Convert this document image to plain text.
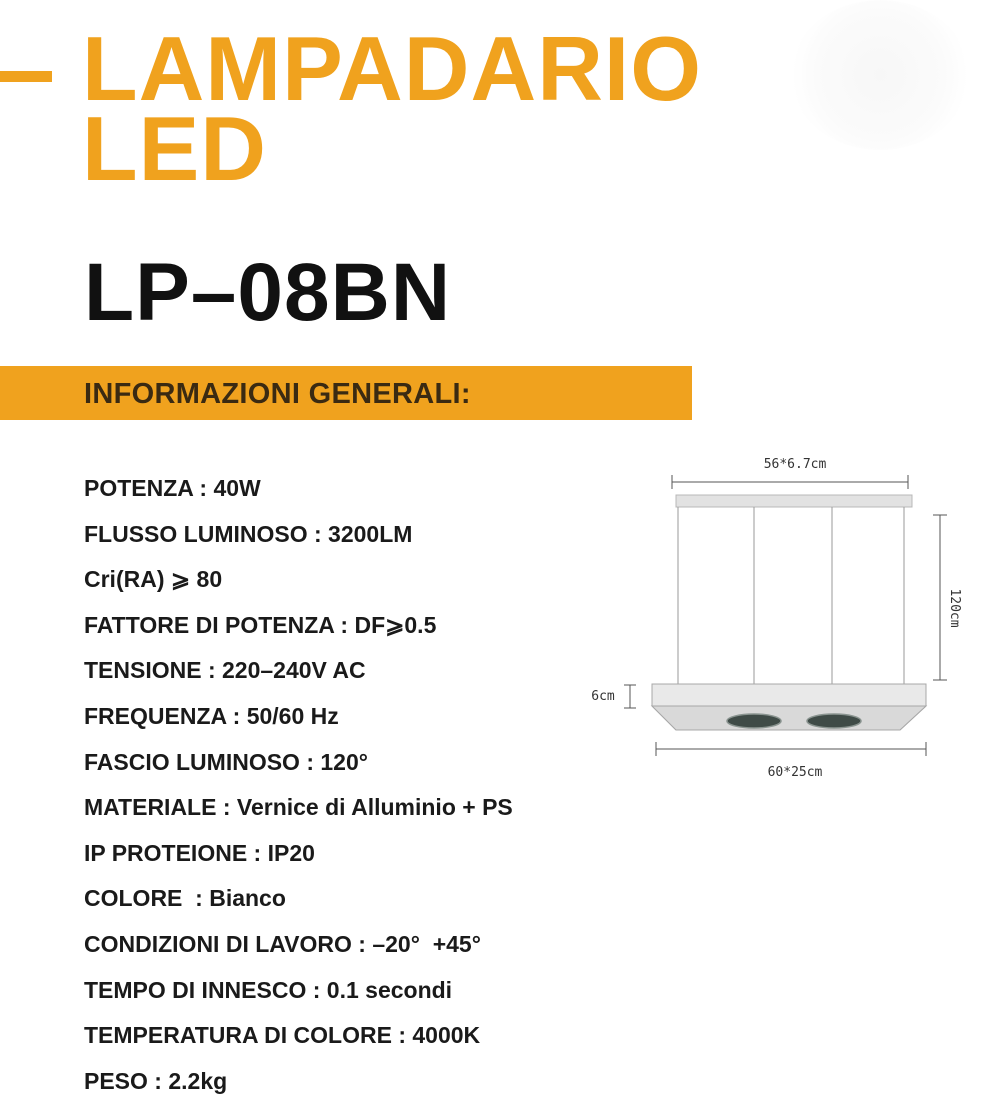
LAMPADARIO
LED
LP–08BN
INFORMAZIONI GENERALI:
POTENZA : 40W
FLUSSO LUMINOSO : 3200LM
Cri(RA) ⩾ 80
FATTORE DI POTENZA : DF⩾0.5
TENSIONE : 220–240V AC
FREQUENZA : 50/60 Hz
FASCIO LUMINOSO : 120°
MATERIALE : Vernice di Alluminio + PS
IP PROTEIONE : IP20
COLORE  : Bianco
CONDIZIONI DI LAVORO : –20°  +45°
TEMPO DI INNESCO : 0.1 secondi
TEMPERATURA DI COLORE : 4000K
PESO : 2.2kg
56*6.7cm
120cm
6cm
60*25cm
